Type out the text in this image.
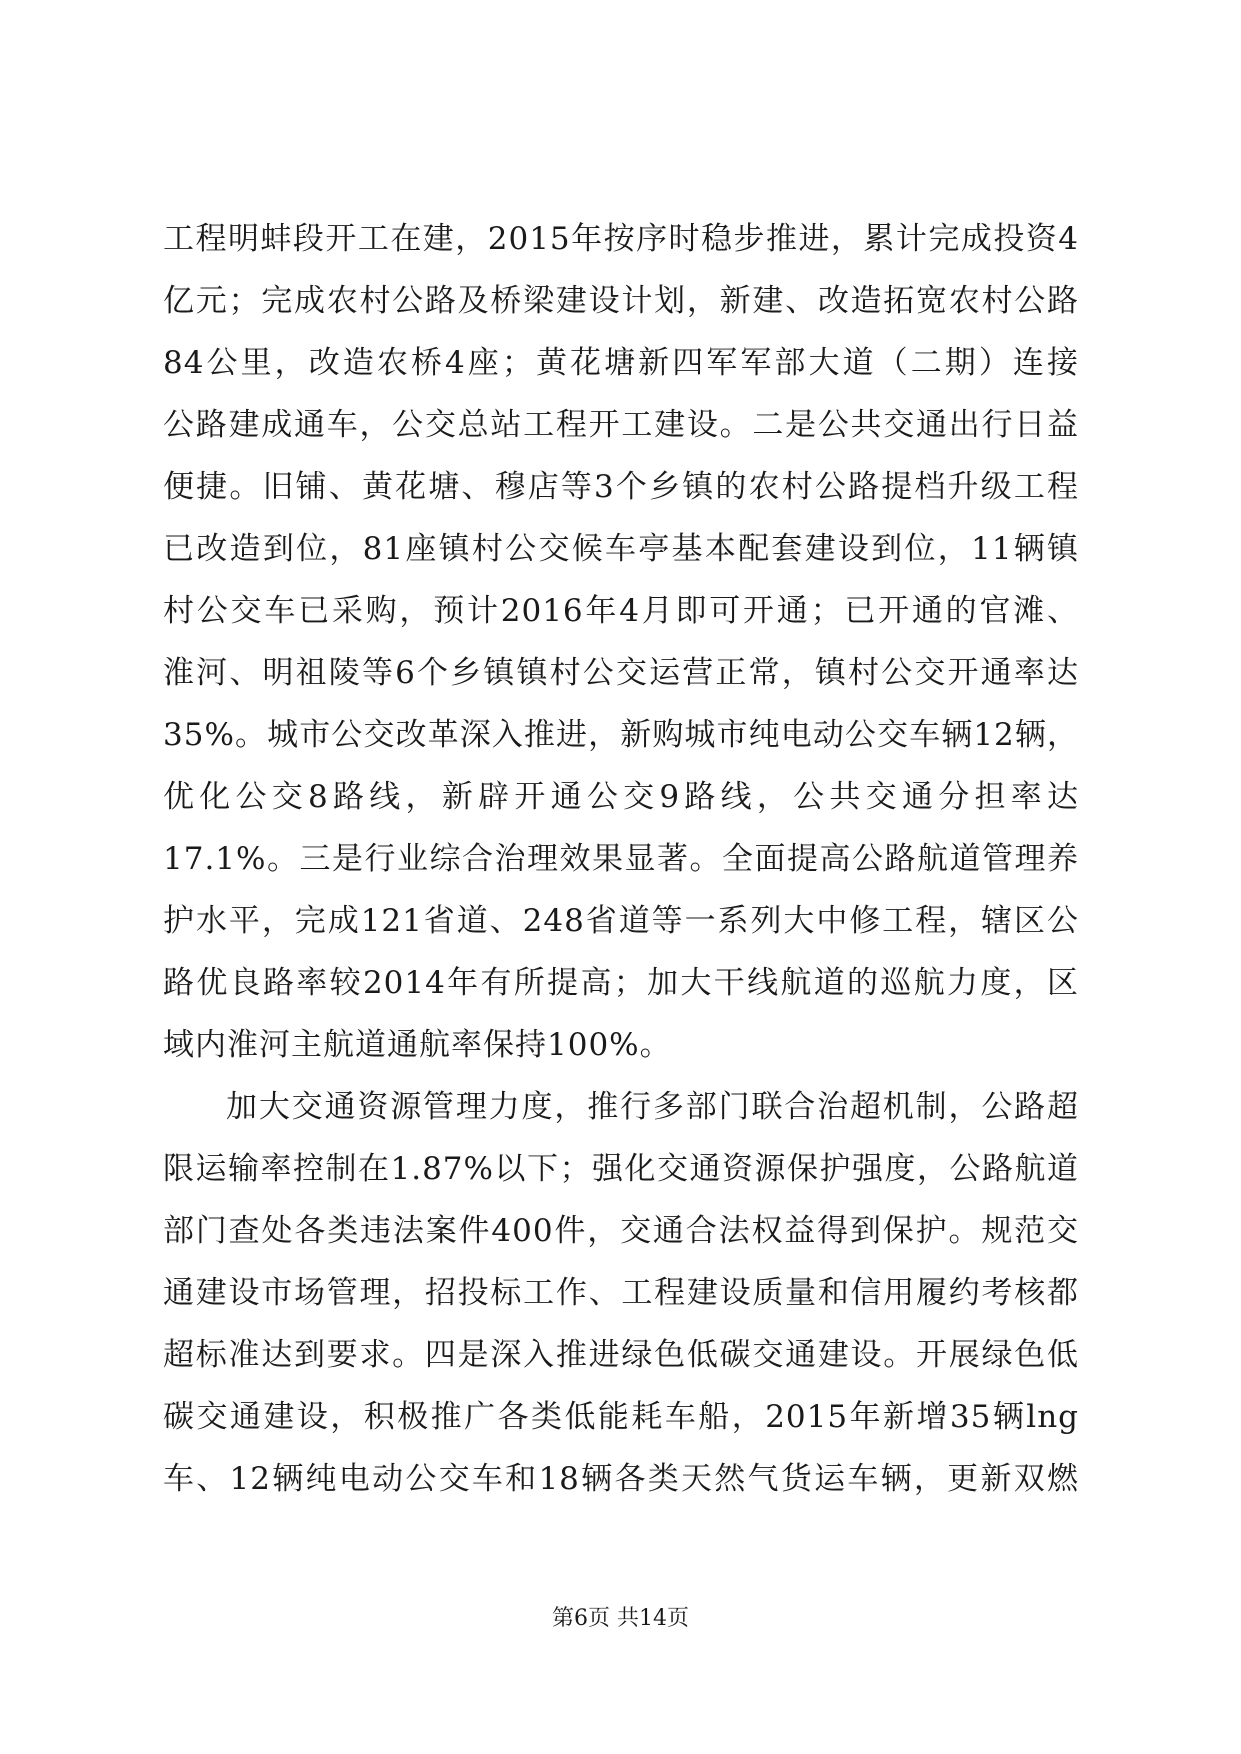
工程明蚌段开工在建，2015年按序时稳步推进，累计完成投资4
亿元；完成农村公路及桥梁建设计划，新建、改造拓宽农村公路
84公里，改造农桥4座；黄花塘新四军军部大道（二期）连接
公路建成通车，公交总站工程开工建设。二是公共交通出行日益
便捷。旧铺、黄花塘、穆店等3个乡镇的农村公路提档升级工程
已改造到位，81座镇村公交候车亭基本配套建设到位，11辆镇
村公交车已采购，预计2016年4月即可开通；已开通的官滩、
淮河、明祖陵等6个乡镇镇村公交运营正常，镇村公交开通率达
35%。城市公交改革深入推进，新购城市纯电动公交车辆12辆，
优化公交8路线，新辟开通公交9路线，公共交通分担率达
17.1%。三是行业综合治理效果显著。全面提高公路航道管理养
护水平，完成121省道、248省道等一系列大中修工程，辖区公
路优良路率较2014年有所提高；加大干线航道的巡航力度，区
域内淮河主航道通航率保持100%。
加大交通资源管理力度，推行多部门联合治超机制，公路超
限运输率控制在1.87%以下；强化交通资源保护强度，公路航道
部门查处各类违法案件400件，交通合法权益得到保护。规范交
通建设市场管理，招投标工作、工程建设质量和信用履约考核都
超标准达到要求。四是深入推进绿色低碳交通建设。开展绿色低
碳交通建设，积极推广各类低能耗车船，2015年新增35辆lng
车、12辆纯电动公交车和18辆各类天然气货运车辆，更新双燃
第6页 共14页
